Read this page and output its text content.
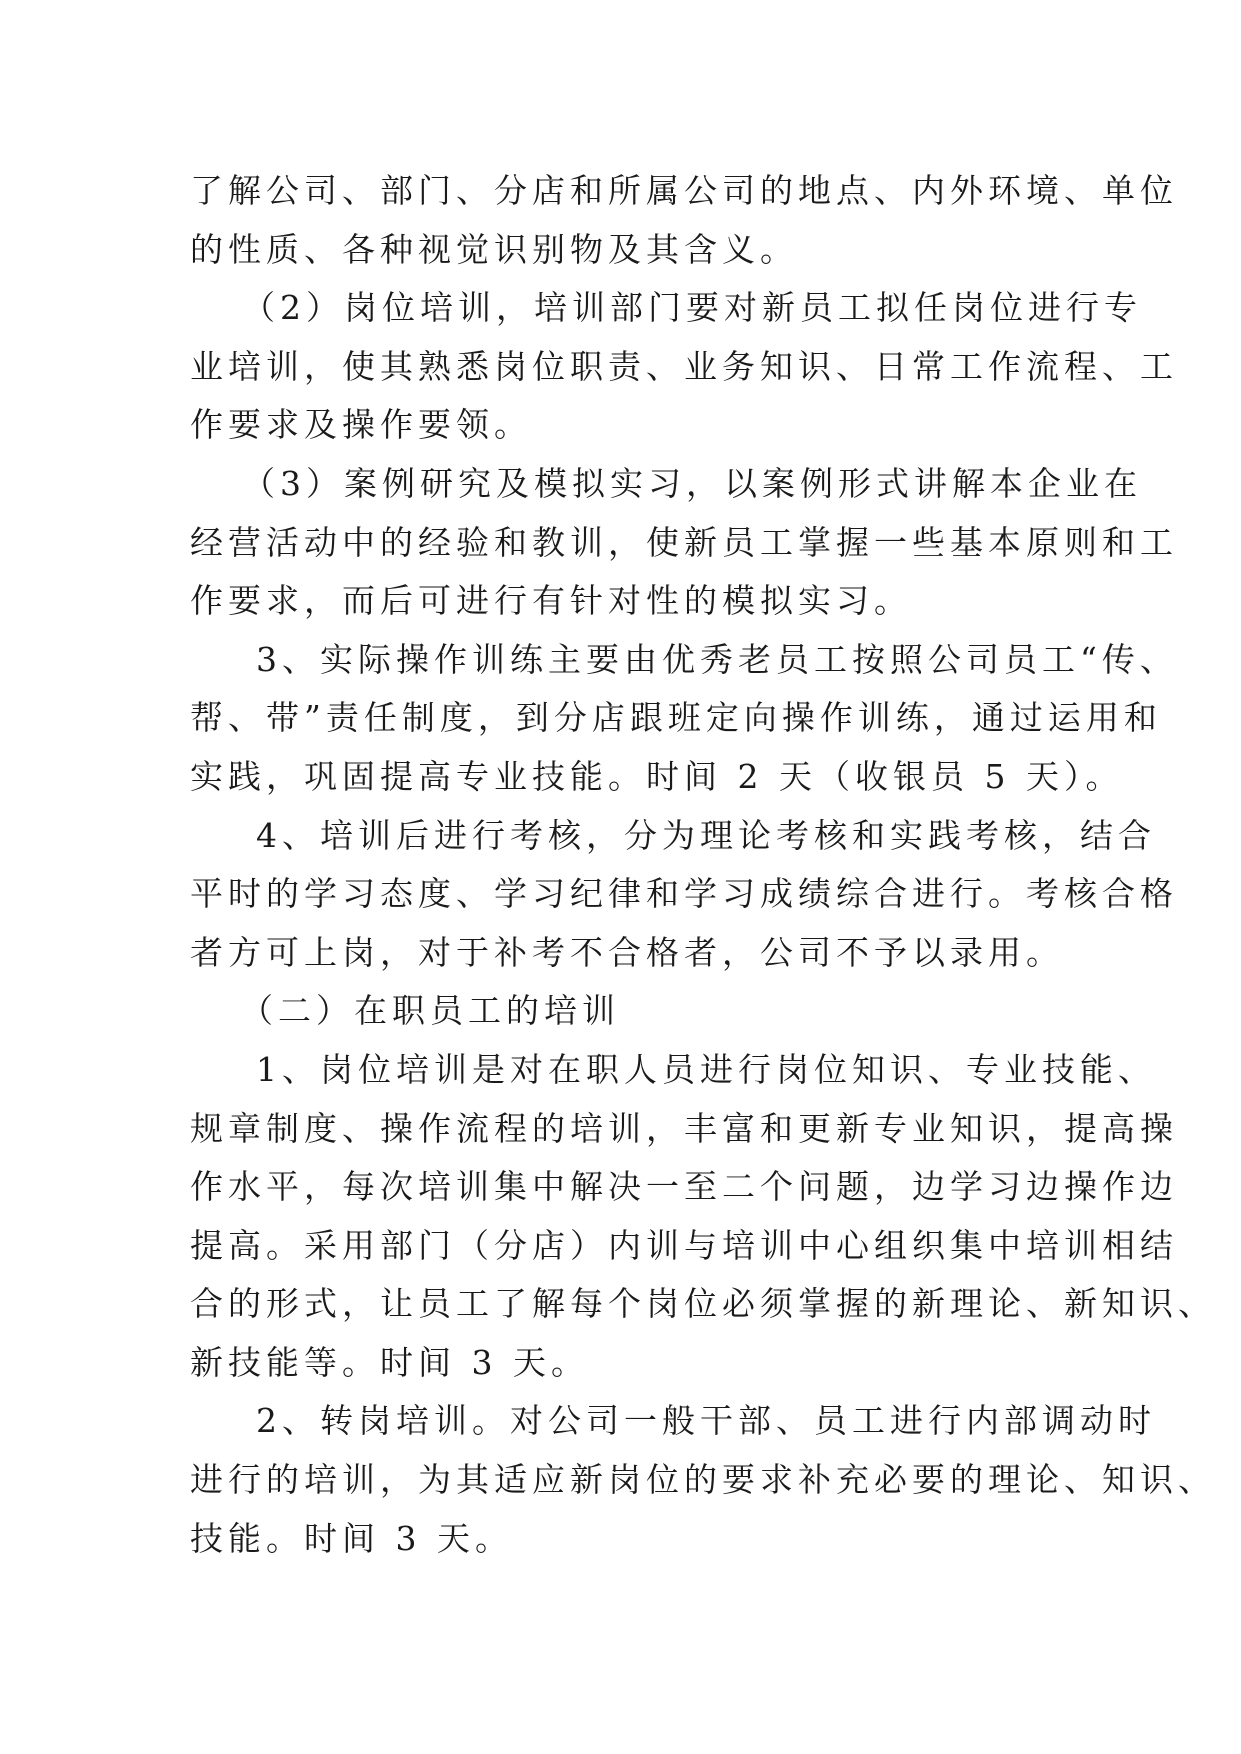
了解公司、部门、分店和所属公司的地点、内外环境、单位
的性质、各种视觉识别物及其含义。
（2）岗位培训，培训部门要对新员工拟任岗位进行专
业培训，使其熟悉岗位职责、业务知识、日常工作流程、工
作要求及操作要领。
（3）案例研究及模拟实习，以案例形式讲解本企业在
经营活动中的经验和教训，使新员工掌握一些基本原则和工
作要求，而后可进行有针对性的模拟实习。
3、实际操作训练主要由优秀老员工按照公司员工“传、
帮、带”责任制度，到分店跟班定向操作训练，通过运用和
实践，巩固提高专业技能。时间 2 天（收银员 5 天）。
4、培训后进行考核，分为理论考核和实践考核，结合
平时的学习态度、学习纪律和学习成绩综合进行。考核合格
者方可上岗，对于补考不合格者，公司不予以录用。
（二）在职员工的培训
1、岗位培训是对在职人员进行岗位知识、专业技能、
规章制度、操作流程的培训，丰富和更新专业知识，提高操
作水平，每次培训集中解决一至二个问题，边学习边操作边
提高。采用部门（分店）内训与培训中心组织集中培训相结
合的形式，让员工了解每个岗位必须掌握的新理论、新知识、
新技能等。时间 3 天。
2、转岗培训。对公司一般干部、员工进行内部调动时
进行的培训，为其适应新岗位的要求补充必要的理论、知识、
技能。时间 3 天。
